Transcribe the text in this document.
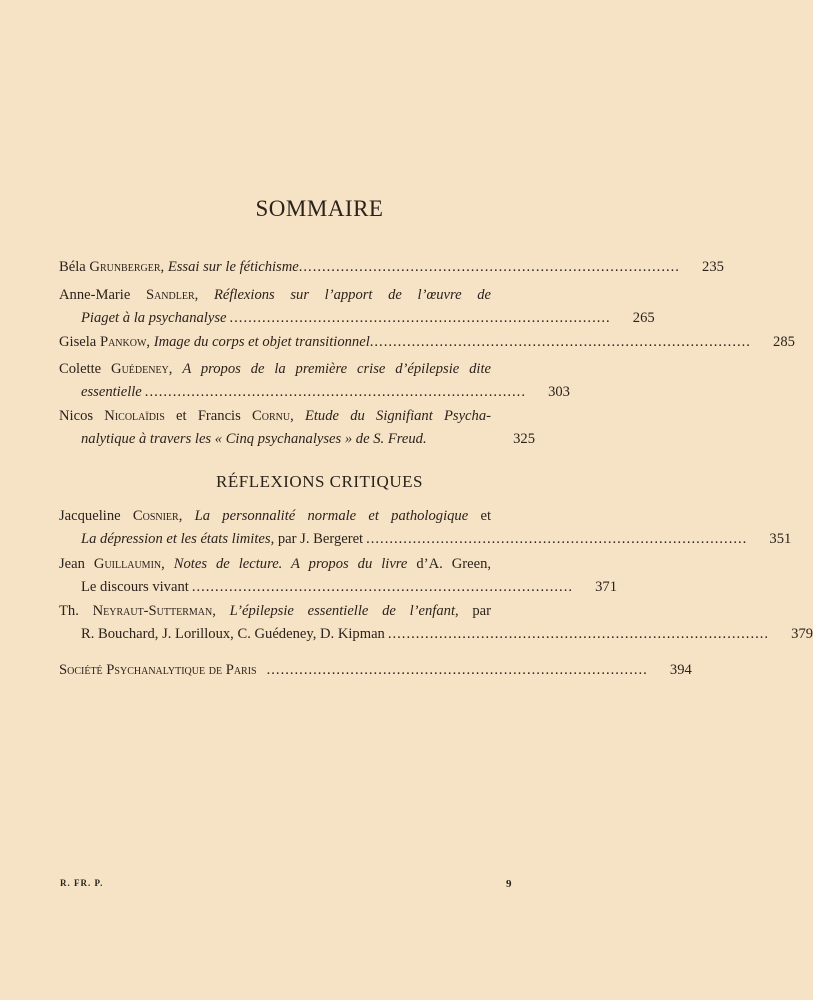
SOMMAIRE
Béla Grunberger, Essai sur le fétichisme ..................................................................................	235
Anne-Marie Sandler, Réflexions sur l’apport de l’œuvre de
Piaget à la psychanalyse ..................................................................................	265
Gisela Pankow, Image du corps et objet transitionnel ..................................................................................	285
Colette Guédeney, A propos de la première crise d’épilepsie dite
essentielle ..................................................................................	303
Nicos Nicolaïdis et Francis Cornu, Etude du Signifiant Psycha-
nalytique à travers les « Cinq psychanalyses » de S. Freud.	325
RÉFLEXIONS CRITIQUES
Jacqueline Cosnier, La personnalité normale et pathologique et
La dépression et les états limites, par J. Bergeret ..................................................................................	351
Jean Guillaumin, Notes de lecture. A propos du livre d’A. Green,
Le discours vivant ..................................................................................	371
Th. Neyraut-Sutterman, L’épilepsie essentielle de l’enfant, par
R. Bouchard, J. Lorilloux, C. Guédeney, D. Kipman ..................................................................................	379
Société Psychanalytique de Paris ..................................................................................	394
R. FR. P.	9
